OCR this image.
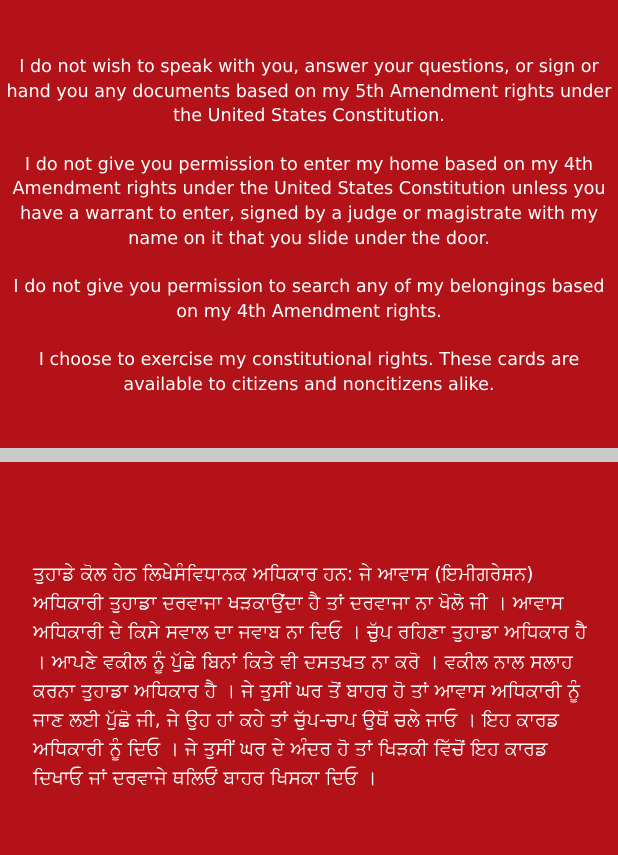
I do not wish to speak with you, answer your questions, or sign or hand you any documents based on my 5th Amendment rights under the United States Constitution.

I do not give you permission to enter my home based on my 4th Amendment rights under the United States Constitution unless you have a warrant to enter, signed by a judge or magistrate with my name on it that you slide under the door.

I do not give you permission to search any of my belongings based on my 4th Amendment rights.

I choose to exercise my constitutional rights. These cards are available to citizens and noncitizens alike.

ਤੁਹਾਡੇ ਕੋਲ ਹੇਠ ਲਿਖੇਸੰਵਿਧਾਨਕ ਅਧਿਕਾਰ ਹਨ: ਜੇ ਆਵਾਸ (ਇਮੀਗਰੇਸ਼ਨ) ਅਧਿਕਾਰੀ ਤੁਹਾਡਾ ਦਰਵਾਜਾ ਖੜਕਾਉਂਦਾ ਹੈ ਤਾਂ ਦਰਵਾਜਾ ਨਾ ਖੋਲੋ ਜੀ । ਆਵਾਸ ਅਧਿਕਾਰੀ ਦੇ ਕਿਸੇ ਸਵਾਲ ਦਾ ਜਵਾਬ ਨਾ ਦਿਓ । ਚੁੱਪ ਰਹਿਣਾ ਤੁਹਾਡਾ ਅਧਿਕਾਰ ਹੈ । ਆਪਣੇ ਵਕੀਲ ਨੂੰ ਪੁੱਛੇ ਬਿਨਾਂ ਕਿਤੇ ਵੀ ਦਸਤਖਤ ਨਾ ਕਰੋ । ਵਕੀਲ ਨਾਲ ਸਲਾਹ ਕਰਨਾ ਤੁਹਾਡਾ ਅਧਿਕਾਰ ਹੈ । ਜੇ ਤੁਸੀਂ ਘਰ ਤੋਂ ਬਾਹਰ ਹੋ ਤਾਂ ਆਵਾਸ ਅਧਿਕਾਰੀ ਨੂੰ ਜਾਣ ਲਈ ਪੁੱਛੋ ਜੀ, ਜੇ ਉਹ ਹਾਂ ਕਹੇ ਤਾਂ ਚੁੱਪ-ਚਾਪ ਉਥੋਂ ਚਲੇ ਜਾਓ । ਇਹ ਕਾਰਡ ਅਧਿਕਾਰੀ ਨੂੰ ਦਿਓ । ਜੇ ਤੁਸੀਂ ਘਰ ਦੇ ਅੰਦਰ ਹੋ ਤਾਂ ਖਿੜਕੀ ਵਿੱਚੋਂ ਇਹ ਕਾਰਡ ਦਿਖਾਓ ਜਾਂ ਦਰਵਾਜੇ ਥਲਿਓਂ ਬਾਹਰ ਖਿਸਕਾ ਦਿਓ ।
